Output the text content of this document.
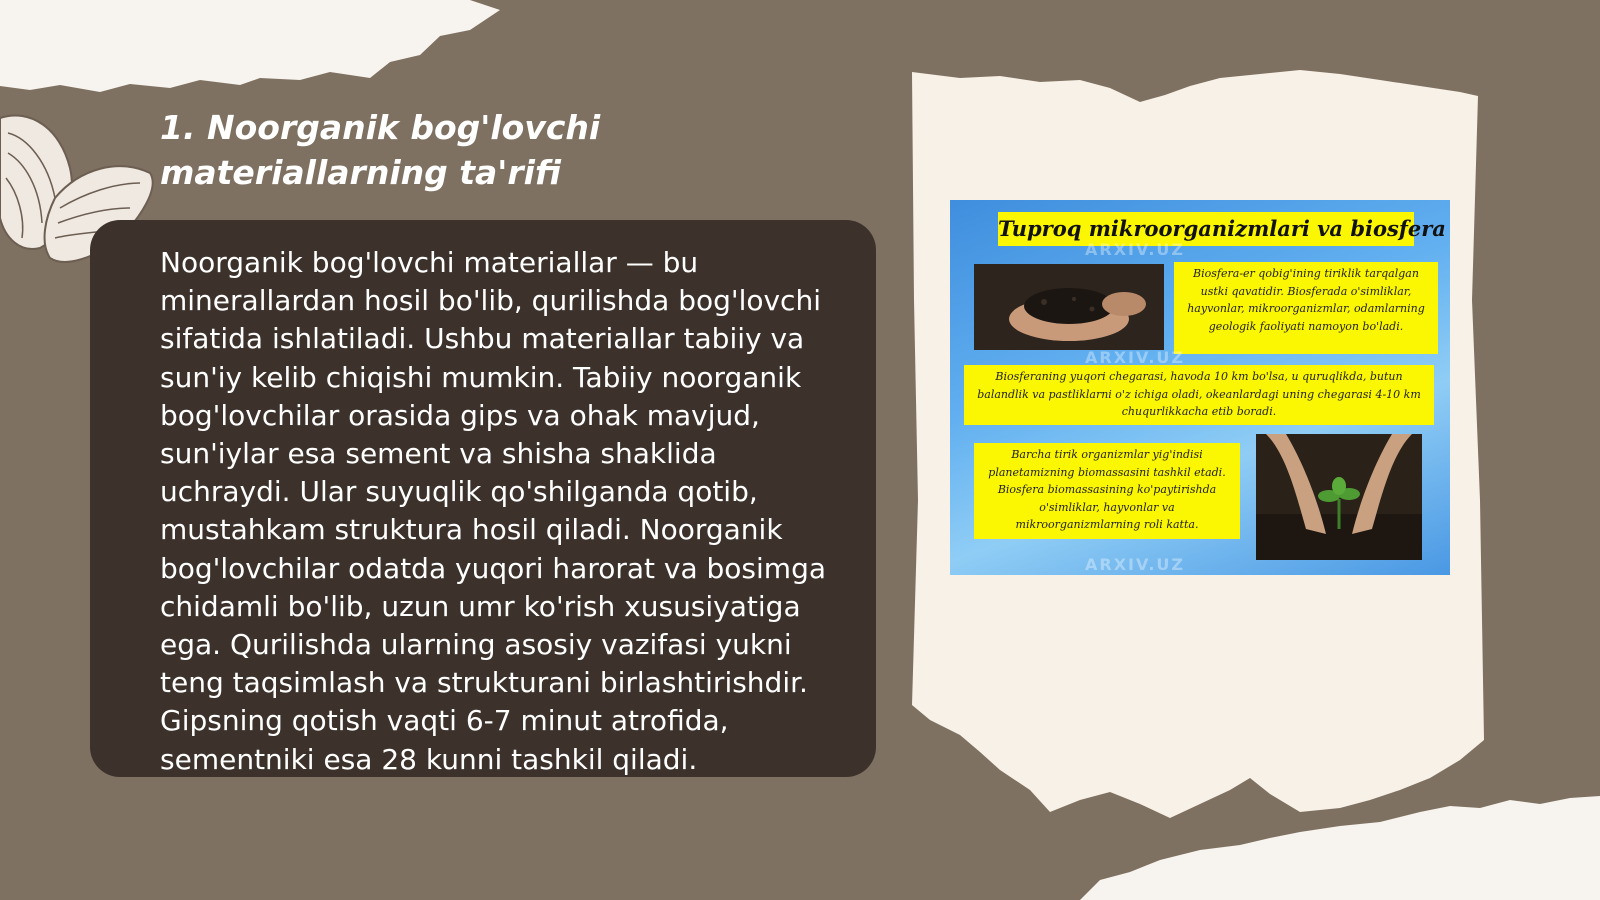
1. Noorganik bog'lovchi materiallarning ta'rifi

Noorganik bog'lovchi materiallar — bu minerallardan hosil bo'lib, qurilishda bog'lovchi sifatida ishlatiladi. Ushbu materiallar tabiiy va sun'iy kelib chiqishi mumkin. Tabiiy noorganik bog'lovchilar orasida gips va ohak mavjud, sun'iylar esa sement va shisha shaklida uchraydi. Ular suyuqlik qo'shilganda qotib, mustahkam struktura hosil qiladi. Noorganik bog'lovchilar odatda yuqori harorat va bosimga chidamli bo'lib, uzun umr ko'rish xususiyatiga ega. Qurilishda ularning asosiy vazifasi yukni teng taqsimlash va strukturani birlashtirishdir. Gipsning qotish vaqti 6-7 minut atrofida, sementniki esa 28 kunni tashkil qiladi.

Tuproq mikroorganizmlari va biosfera
Biosfera-er qobig'ining tiriklik tarqalgan ustki qavatidir. Biosferada o'simliklar, hayvonlar, mikroorganizmlar, odamlarning geologik faoliyati namoyon bo'ladi.
Biosferaning yuqori chegarasi, havoda 10 km bo'lsa, u quruqlikda, butun balandlik va pastliklarni o'z ichiga oladi, okeanlardagi uning chegarasi 4-10 km chuqurlikkacha etib boradi.
Barcha tirik organizmlar yig'indisi planetamizning biomassasini tashkil etadi. Biosfera biomassasining ko'paytirishda o'simliklar, hayvonlar va mikroorganizmlarning roli katta.
ARXIV.UZ
ARXIV.UZ
ARXIV.UZ
